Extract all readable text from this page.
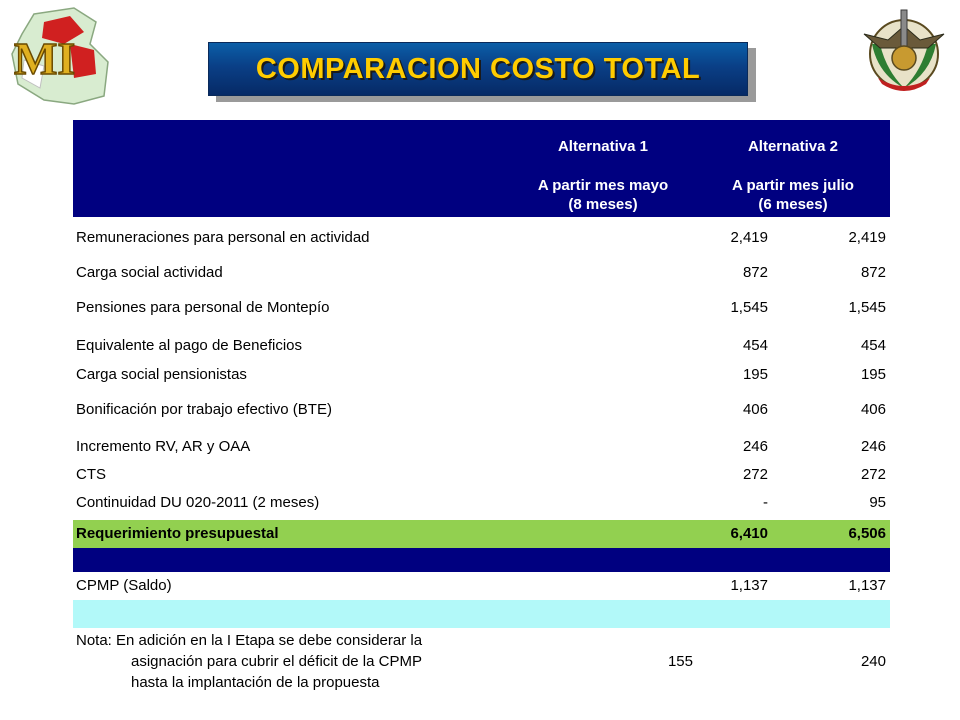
MI	COMPARACION COSTO TOTAL
Alternativa 1	Alternativa 2
A partir mes mayo
(8 meses)
A partir mes julio
(6 meses)
Remuneraciones para personal en actividad	2,419	2,419
Carga social actividad	872	872
Pensiones para personal de Montepío	1,545	1,545
Equivalente al pago de Beneficios	454	454
Carga social pensionistas	195	195
Bonificación por trabajo efectivo (BTE)	406	406
Incremento RV, AR y OAA	246	246
CTS	272	272
Continuidad DU 020-2011 (2 meses)	-	95
Requerimiento presupuestal	6,410	6,506
CPMP (Saldo)	1,137	1,137
Nota: En adición en la I Etapa se debe considerar la
asignación para cubrir el déficit de la CPMP
hasta la implantación de la propuesta
155	240
